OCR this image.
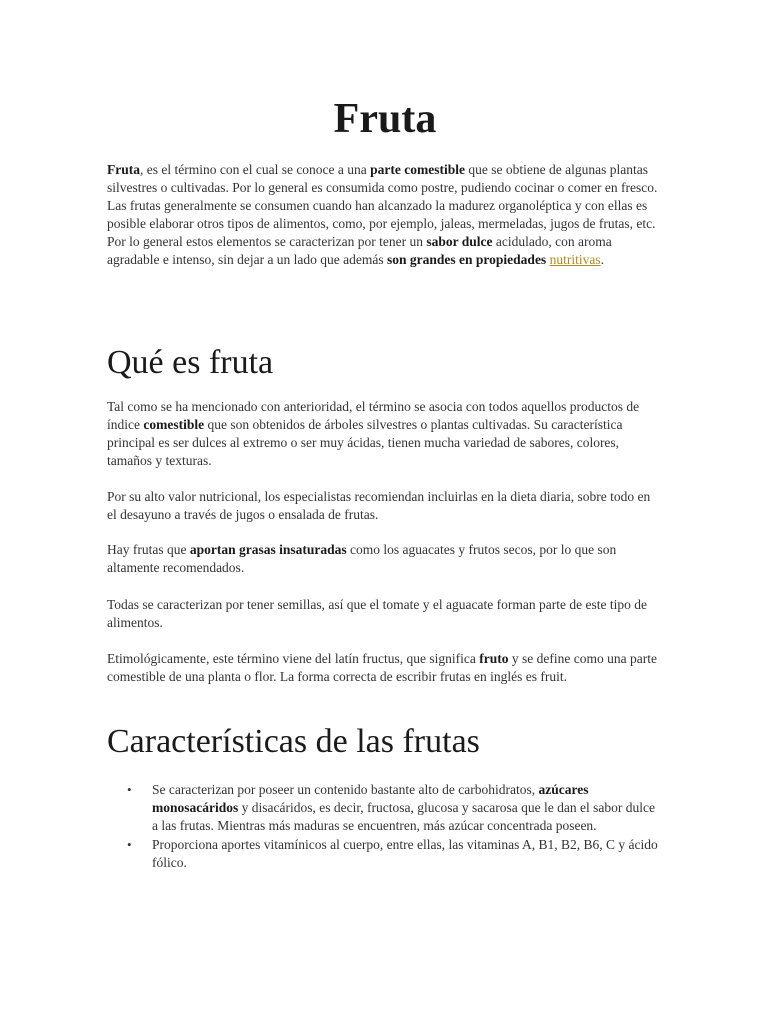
Fruta

Fruta, es el término con el cual se conoce a una parte comestible que se obtiene de algunas plantas silvestres o cultivadas. Por lo general es consumida como postre, pudiendo cocinar o comer en fresco. Las frutas generalmente se consumen cuando han alcanzado la madurez organoléptica y con ellas es posible elaborar otros tipos de alimentos, como, por ejemplo, jaleas, mermeladas, jugos de frutas, etc. Por lo general estos elementos se caracterizan por tener un sabor dulce acidulado, con aroma agradable e intenso, sin dejar a un lado que además son grandes en propiedades nutritivas.

Qué es fruta

Tal como se ha mencionado con anterioridad, el término se asocia con todos aquellos productos de índice comestible que son obtenidos de árboles silvestres o plantas cultivadas. Su característica principal es ser dulces al extremo o ser muy ácidas, tienen mucha variedad de sabores, colores, tamaños y texturas.

Por su alto valor nutricional, los especialistas recomiendan incluirlas en la dieta diaria, sobre todo en el desayuno a través de jugos o ensalada de frutas.

Hay frutas que aportan grasas insaturadas como los aguacates y frutos secos, por lo que son altamente recomendados.

Todas se caracterizan por tener semillas, así que el tomate y el aguacate forman parte de este tipo de alimentos.

Etimológicamente, este término viene del latín fructus, que significa fruto y se define como una parte comestible de una planta o flor. La forma correcta de escribir frutas en inglés es fruit.

Características de las frutas
• Se caracterizan por poseer un contenido bastante alto de carbohidratos, azúcares monosacáridos y disacáridos, es decir, fructosa, glucosa y sacarosa que le dan el sabor dulce a las frutas. Mientras más maduras se encuentren, más azúcar concentrada poseen.
• Proporciona aportes vitamínicos al cuerpo, entre ellas, las vitaminas A, B1, B2, B6, C y ácido fólico.
